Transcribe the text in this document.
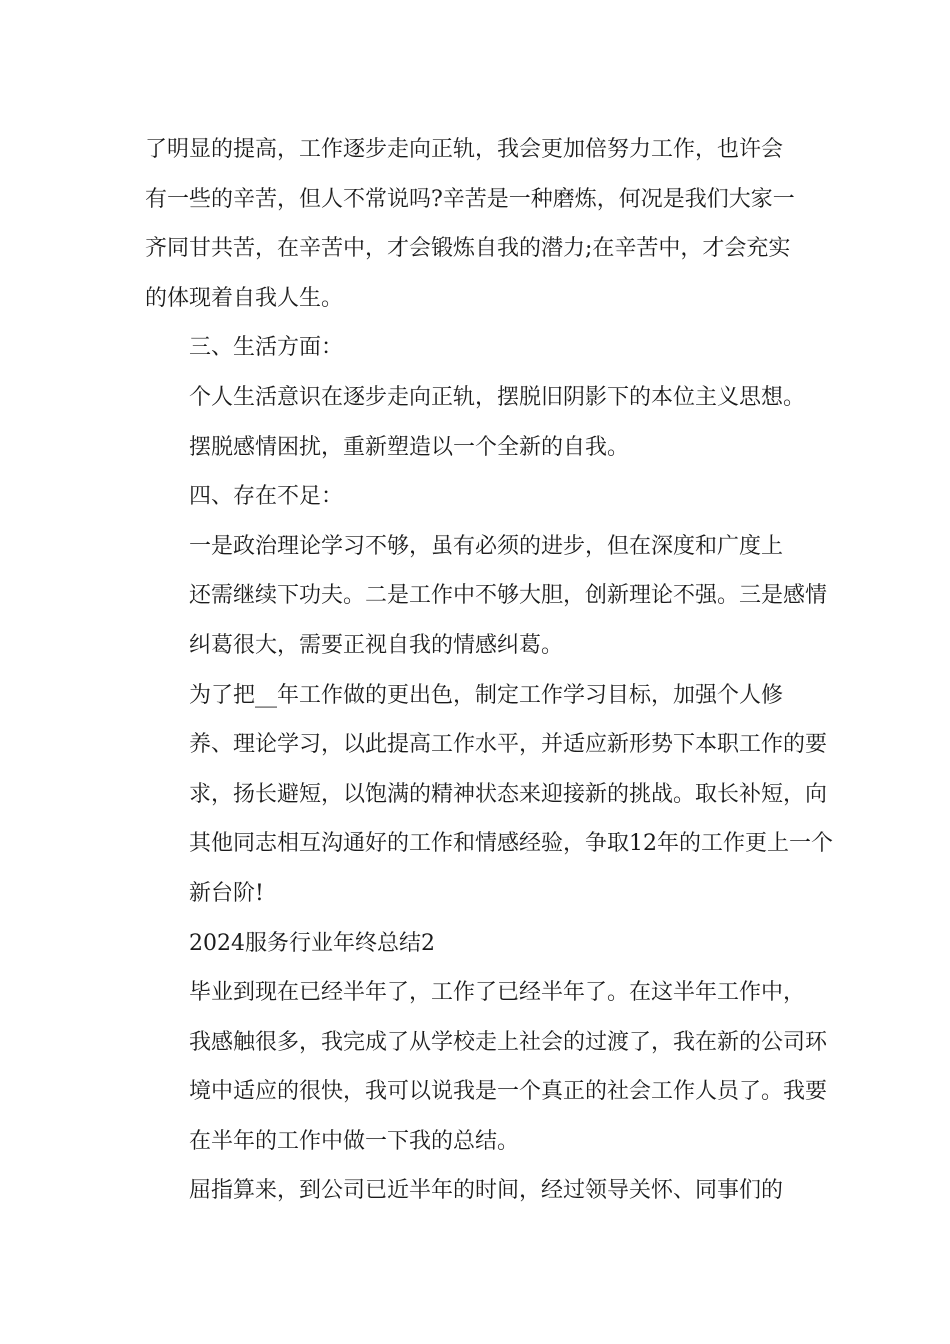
了明显的提高，工作逐步走向正轨，我会更加倍努力工作，也许会
有一些的辛苦，但人不常说吗?辛苦是一种磨炼，何况是我们大家一
齐同甘共苦，在辛苦中，才会锻炼自我的潜力;在辛苦中，才会充实
的体现着自我人生。
三、生活方面：
个人生活意识在逐步走向正轨，摆脱旧阴影下的本位主义思想。
摆脱感情困扰，重新塑造以一个全新的自我。
四、存在不足：
一是政治理论学习不够，虽有必须的进步，但在深度和广度上
还需继续下功夫。二是工作中不够大胆，创新理论不强。三是感情
纠葛很大，需要正视自我的情感纠葛。
为了把__年工作做的更出色，制定工作学习目标，加强个人修
养、理论学习，以此提高工作水平，并适应新形势下本职工作的要
求，扬长避短，以饱满的精神状态来迎接新的挑战。取长补短，向
其他同志相互沟通好的工作和情感经验，争取12年的工作更上一个
新台阶!
2024服务行业年终总结2
毕业到现在已经半年了，工作了已经半年了。在这半年工作中，
我感触很多，我完成了从学校走上社会的过渡了，我在新的公司环
境中适应的很快，我可以说我是一个真正的社会工作人员了。我要
在半年的工作中做一下我的总结。
屈指算来，到公司已近半年的时间，经过领导关怀、同事们的
